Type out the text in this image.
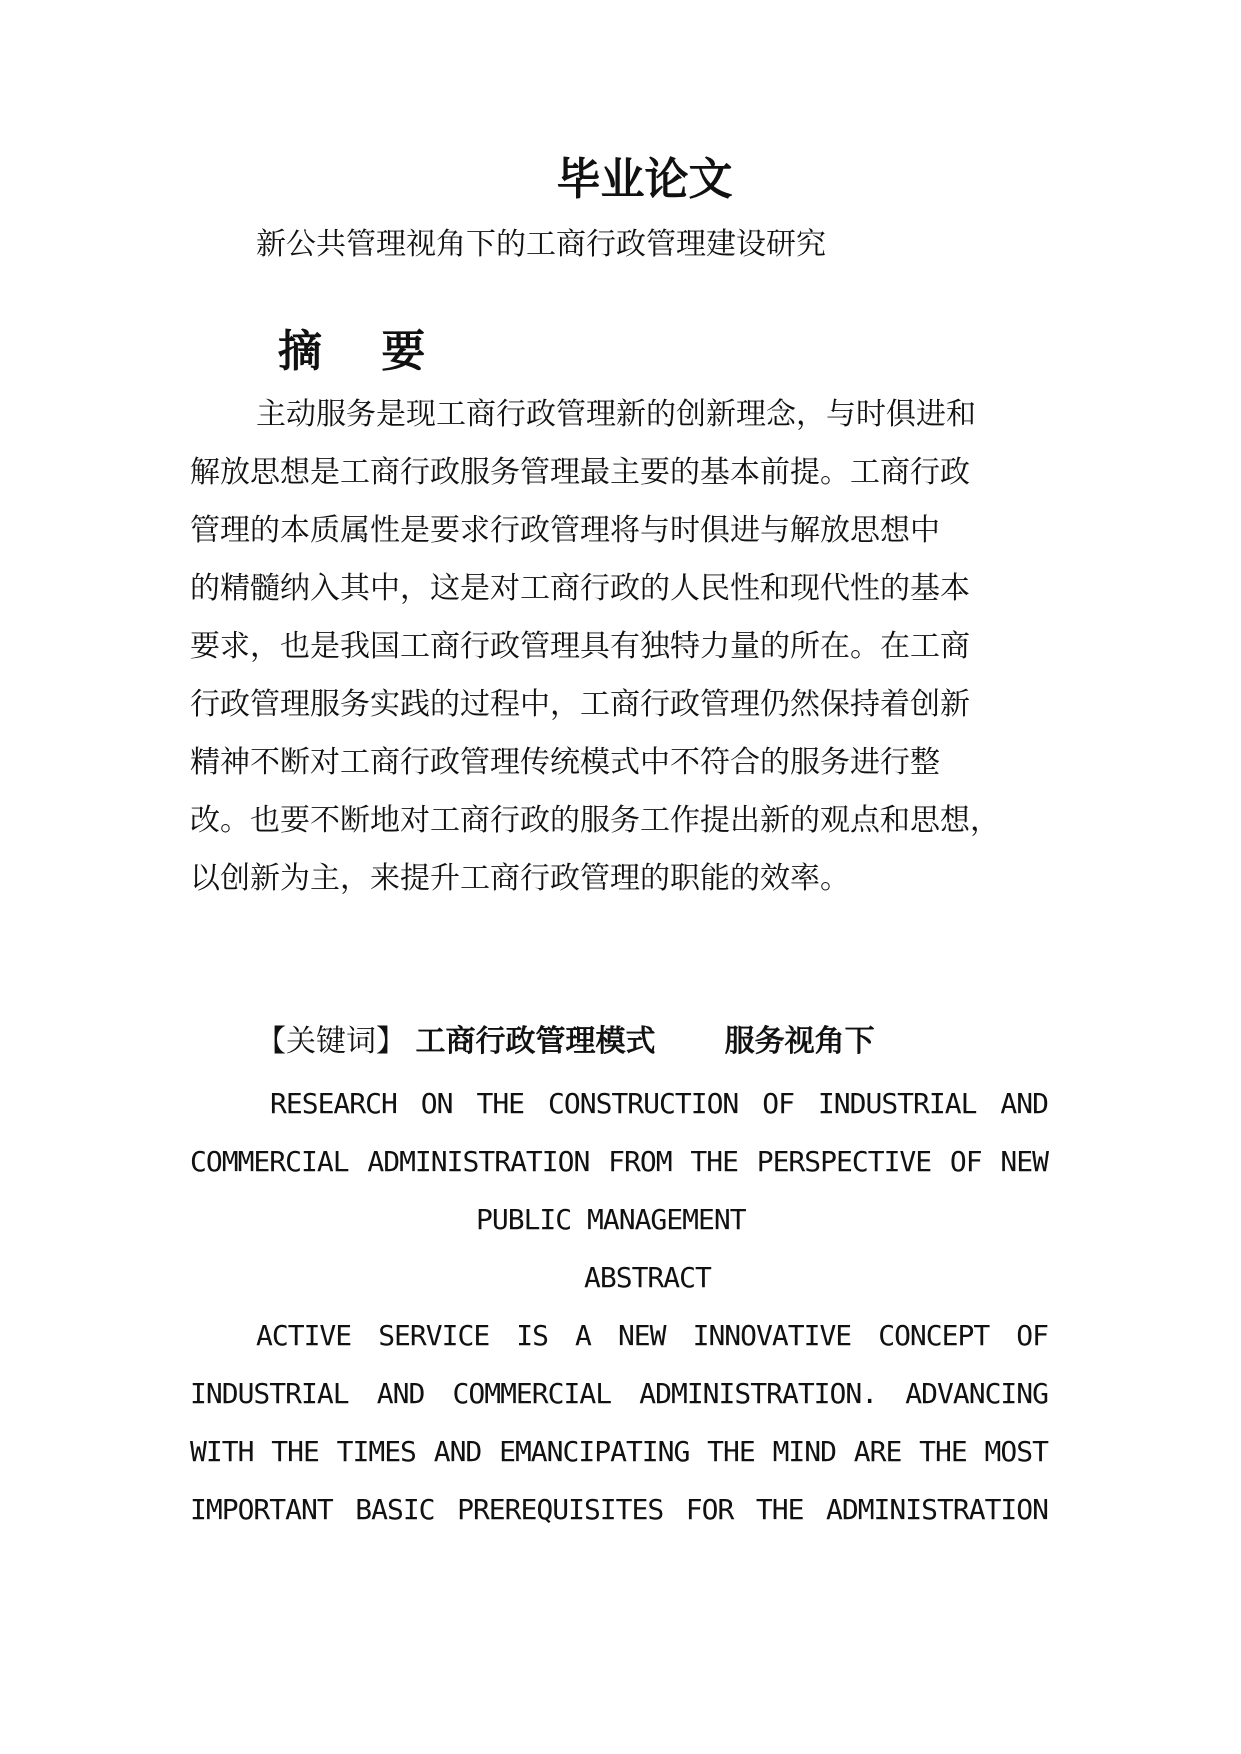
毕业论文
新公共管理视角下的工商行政管理建设研究
摘 要
主动服务是现工商行政管理新的创新理念，与时俱进和
解放思想是工商行政服务管理最主要的基本前提。工商行政
管理的本质属性是要求行政管理将与时俱进与解放思想中
的精髓纳入其中，这是对工商行政的人民性和现代性的基本
要求，也是我国工商行政管理具有独特力量的所在。在工商
行政管理服务实践的过程中，工商行政管理仍然保持着创新
精神不断对工商行政管理传统模式中不符合的服务进行整
改。也要不断地对工商行政的服务工作提出新的观点和思想，
以创新为主，来提升工商行政管理的职能的效率。
【关键词】 工商行政管理模式 服务视角下
RESEARCH ON THE CONSTRUCTION OF INDUSTRIAL AND
COMMERCIAL ADMINISTRATION FROM THE PERSPECTIVE OF NEW
PUBLIC MANAGEMENT
ABSTRACT
ACTIVE SERVICE IS A NEW INNOVATIVE CONCEPT OF
INDUSTRIAL AND COMMERCIAL ADMINISTRATION. ADVANCING
WITH THE TIMES AND EMANCIPATING THE MIND ARE THE MOST
IMPORTANT BASIC PREREQUISITES FOR THE ADMINISTRATION
